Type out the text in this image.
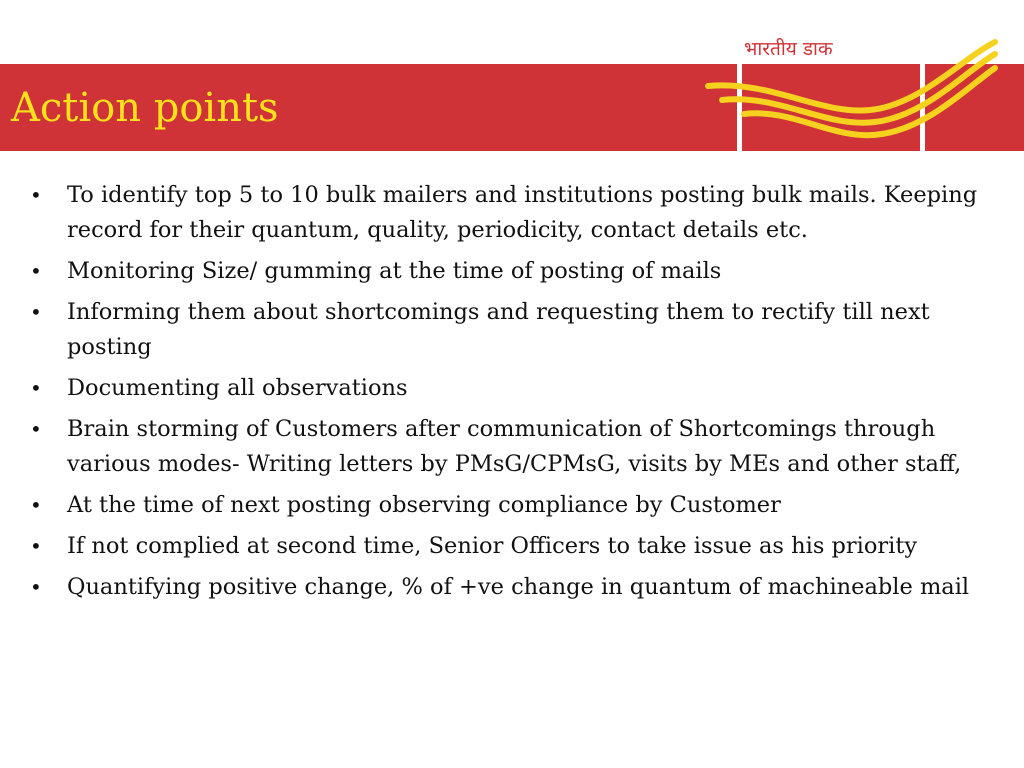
Action points
भारतीय डाक
• To identify top 5 to 10 bulk mailers and institutions posting bulk mails. Keeping record for their quantum, quality, periodicity, contact details etc.
• Monitoring Size/ gumming at the time of posting of mails
• Informing them about shortcomings and requesting them to rectify till next posting
• Documenting all observations
• Brain storming of Customers after communication of Shortcomings through various modes- Writing letters by PMsG/CPMsG, visits by MEs and other staff,
• At the time of next posting observing compliance by Customer
• If not complied at second time, Senior Officers to take issue as his priority
• Quantifying positive change, % of +ve change in quantum of machineable mail
